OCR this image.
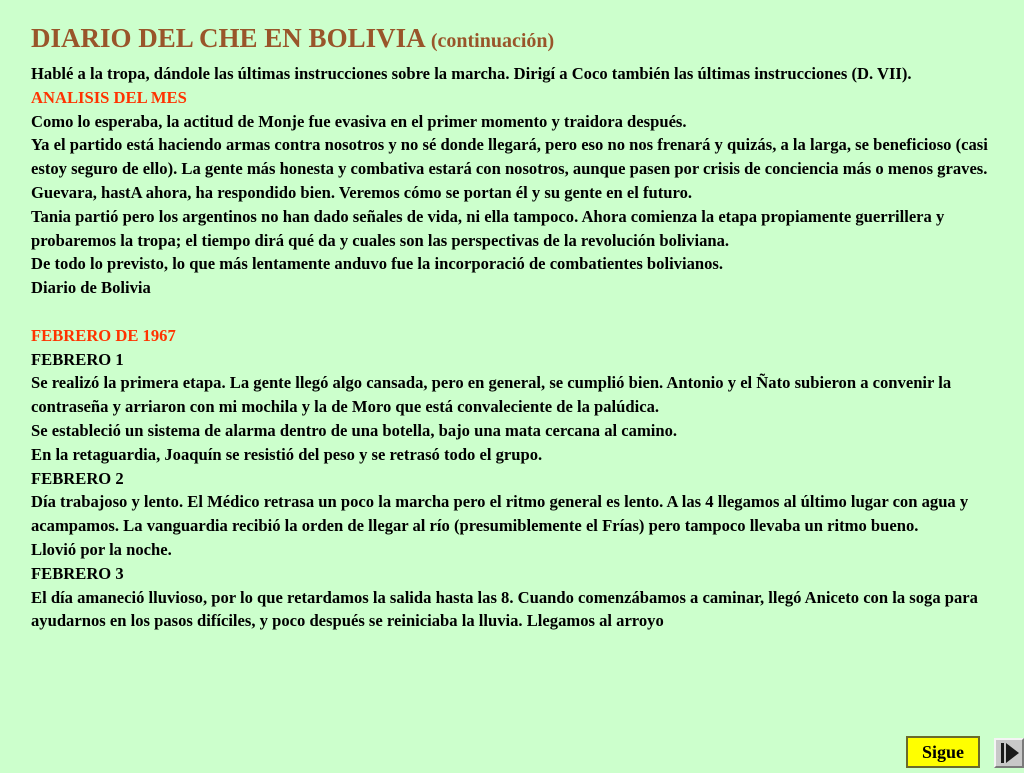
DIARIO DEL CHE EN BOLIVIA (continuación)

Hablé a la tropa, dándole las últimas instrucciones sobre la marcha. Dirigí a Coco también las últimas instrucciones (D. VII).

ANALISIS DEL MES

Como lo esperaba, la actitud de Monje fue evasiva en el primer momento y traidora después.

Ya el partido está haciendo armas contra nosotros y no sé donde llegará, pero eso no nos frenará y quizás, a la larga, se beneficioso (casi estoy seguro de ello). La gente más honesta y combativa estará con nosotros, aunque pasen por crisis de conciencia más o menos graves.

Guevara, hastA ahora, ha respondido bien. Veremos cómo se portan él y su gente en el futuro.

Tania partió pero los argentinos no han dado señales de vida, ni ella tampoco. Ahora comienza la etapa propiamente guerrillera y probaremos la tropa; el tiempo dirá qué da y cuales son las perspectivas de la revolución boliviana.

De todo lo previsto, lo que más lentamente anduvo fue la incorporació de combatientes bolivianos.

Diario de Bolivia

FEBRERO DE 1967

FEBRERO 1

Se realizó la primera etapa. La gente llegó algo cansada, pero en general, se cumplió bien. Antonio y el Ñato subieron a convenir la contraseña y arriaron con mi mochila y la de Moro que está convaleciente de la palúdica.

Se estableció un sistema de alarma dentro de una botella, bajo una mata cercana al camino.

En la retaguardia, Joaquín se resistió del peso y se retrasó todo el grupo.

FEBRERO 2

Día trabajoso y lento. El Médico retrasa un poco la marcha pero el ritmo general es lento. A las 4 llegamos al último lugar con agua y acampamos. La vanguardia recibió la orden de llegar al río (presumiblemente el Frías) pero tampoco llevaba un ritmo bueno.

Llovió por la noche.

FEBRERO 3

El día amaneció lluvioso, por lo que retardamos la salida hasta las 8. Cuando comenzábamos a caminar, llegó Aniceto con la soga para ayudarnos en los pasos difíciles, y poco después se reiniciaba la lluvia. Llegamos al arroyo

Sigue
